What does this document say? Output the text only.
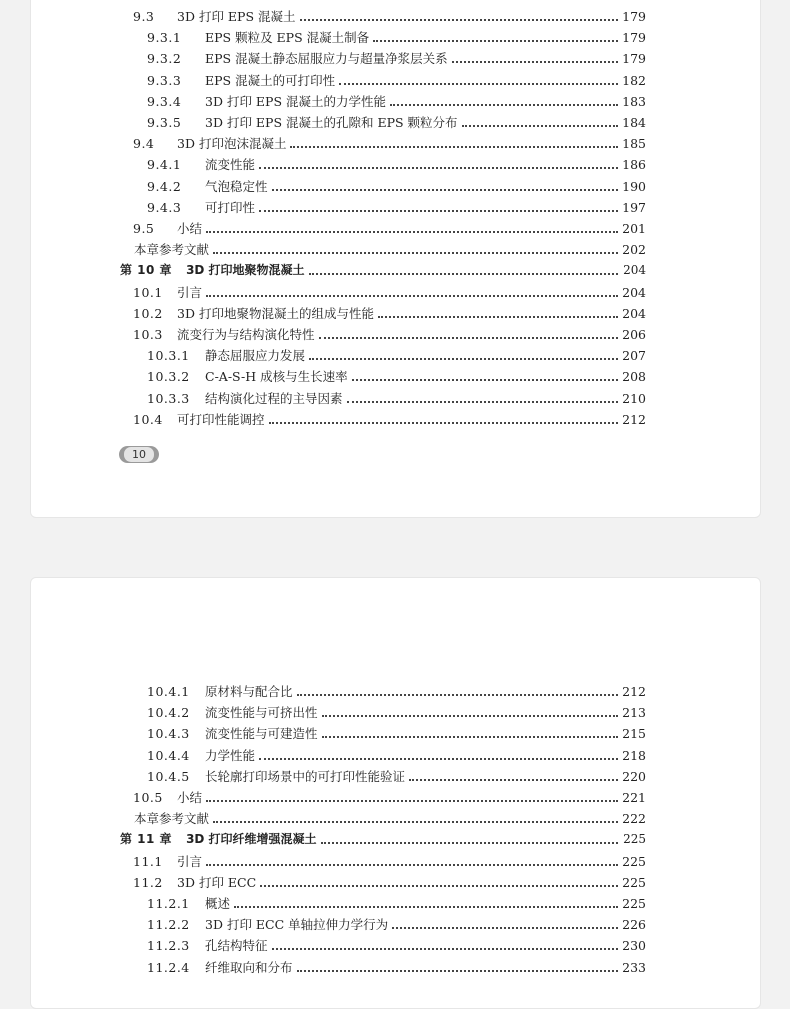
9.3	3D 打印 EPS 混凝土	179
9.3.1	EPS 颗粒及 EPS 混凝土制备	179
9.3.2	EPS 混凝土静态屈服应力与超量净浆层关系	179
9.3.3	EPS 混凝土的可打印性	182
9.3.4	3D 打印 EPS 混凝土的力学性能	183
9.3.5	3D 打印 EPS 混凝土的孔隙和 EPS 颗粒分布	184
9.4	3D 打印泡沫混凝土	185
9.4.1	流变性能	186
9.4.2	气泡稳定性	190
9.4.3	可打印性	197
9.5	小结	201
本章参考文献	202
第 10 章	3D 打印地聚物混凝土	204
10.1	引言	204
10.2	3D 打印地聚物混凝土的组成与性能	204
10.3	流变行为与结构演化特性	206
10.3.1	静态屈服应力发展	207
10.3.2	C-A-S-H 成核与生长速率	208
10.3.3	结构演化过程的主导因素	210
10.4	可打印性能调控	212
10
10.4.1	原材料与配合比	212
10.4.2	流变性能与可挤出性	213
10.4.3	流变性能与可建造性	215
10.4.4	力学性能	218
10.4.5	长轮廓打印场景中的可打印性能验证	220
10.5	小结	221
本章参考文献	222
第 11 章	3D 打印纤维增强混凝土	225
11.1	引言	225
11.2	3D 打印 ECC	225
11.2.1	概述	225
11.2.2	3D 打印 ECC 单轴拉伸力学行为	226
11.2.3	孔结构特征	230
11.2.4	纤维取向和分布	233
